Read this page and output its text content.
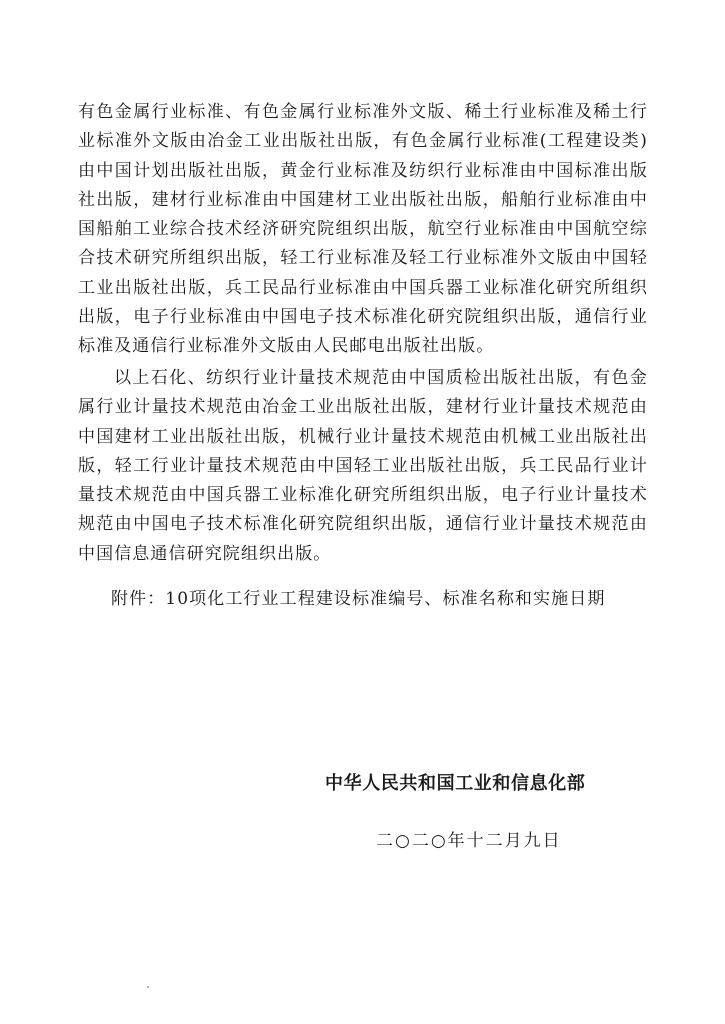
有色金属行业标准、有色金属行业标准外文版、稀土行业标准及稀土行业标准外文版由冶金工业出版社出版，有色金属行业标准(工程建设类)由中国计划出版社出版，黄金行业标准及纺织行业标准由中国标准出版社出版，建材行业标准由中国建材工业出版社出版，船舶行业标准由中国船舶工业综合技术经济研究院组织出版，航空行业标准由中国航空综合技术研究所组织出版，轻工行业标准及轻工行业标准外文版由中国轻工业出版社出版，兵工民品行业标准由中国兵器工业标准化研究所组织出版，电子行业标准由中国电子技术标准化研究院组织出版，通信行业标准及通信行业标准外文版由人民邮电出版社出版。

以上石化、纺织行业计量技术规范由中国质检出版社出版，有色金属行业计量技术规范由冶金工业出版社出版，建材行业计量技术规范由中国建材工业出版社出版，机械行业计量技术规范由机械工业出版社出版，轻工行业计量技术规范由中国轻工业出版社出版，兵工民品行业计量技术规范由中国兵器工业标准化研究所组织出版，电子行业计量技术规范由中国电子技术标准化研究院组织出版，通信行业计量技术规范由中国信息通信研究院组织出版。

附件：10项化工行业工程建设标准编号、标准名称和实施日期

中华人民共和国工业和信息化部

二○二○年十二月九日
